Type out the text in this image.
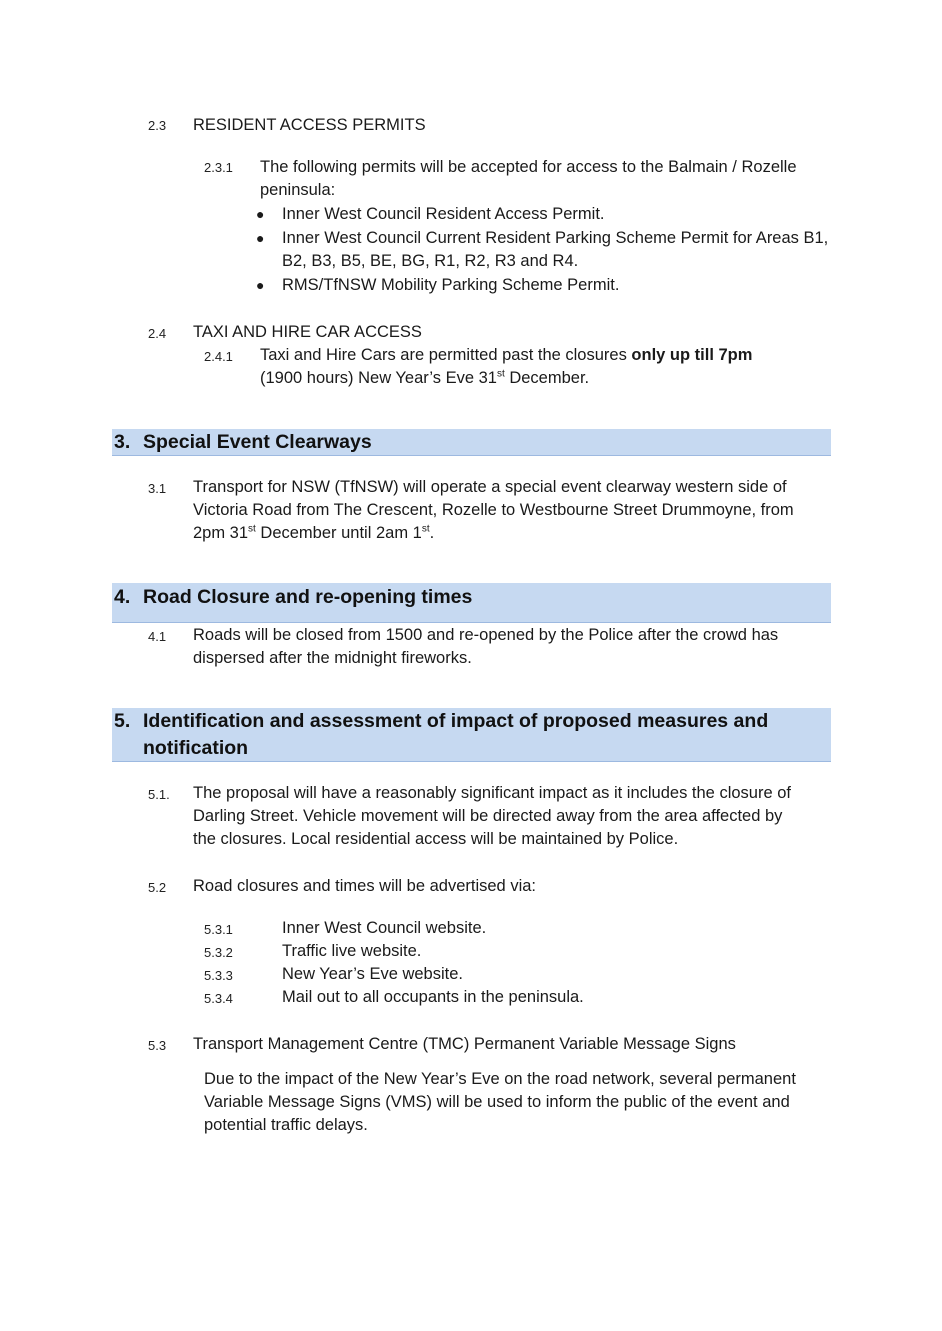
2.3 RESIDENT ACCESS PERMITS
2.3.1 The following permits will be accepted for access to the Balmain / Rozelle peninsula:
● Inner West Council Resident Access Permit.
● Inner West Council Current Resident Parking Scheme Permit for Areas B1, B2, B3, B5, BE, BG, R1, R2, R3 and R4.
● RMS/TfNSW Mobility Parking Scheme Permit.
2.4 TAXI AND HIRE CAR ACCESS
2.4.1 Taxi and Hire Cars are permitted past the closures only up till 7pm
(1900 hours) New Year’s Eve 31st December.
3. Special Event Clearways
3.1 Transport for NSW (TfNSW) will operate a special event clearway western side of
Victoria Road from The Crescent, Rozelle to Westbourne Street Drummoyne, from
2pm 31st December until 2am 1st.
4. Road Closure and re-opening times
4.1 Roads will be closed from 1500 and re-opened by the Police after the crowd has
dispersed after the midnight fireworks.
5. Identification and assessment of impact of proposed measures and
notification
5.1. The proposal will have a reasonably significant impact as it includes the closure of
Darling Street. Vehicle movement will be directed away from the area affected by
the closures. Local residential access will be maintained by Police.
5.2 Road closures and times will be advertised via:
5.3.1	Inner West Council website.
5.3.2	Traffic live website.
5.3.3	New Year’s Eve website.
5.3.4	Mail out to all occupants in the peninsula.
5.3 Transport Management Centre (TMC) Permanent Variable Message Signs
Due to the impact of the New Year’s Eve on the road network, several permanent
Variable Message Signs (VMS) will be used to inform the public of the event and
potential traffic delays.
